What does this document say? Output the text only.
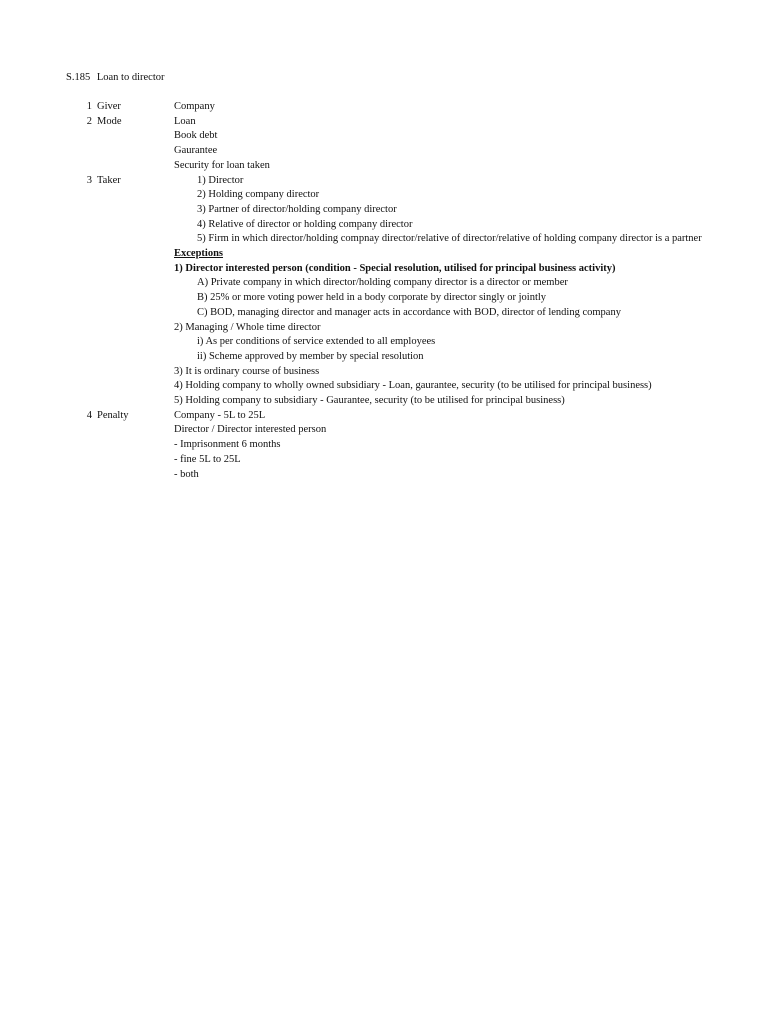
S.185 Loan to director
1 Giver	Company
2 Mode	Loan
Book debt
Gaurantee
Security for loan taken
3 Taker	1) Director
2) Holding company director
3) Partner of director/holding company director
4) Relative of director or holding company director
5) Firm in which director/holding compnay director/relative of director/relative of holding company director is a partner
Exceptions
1) Director interested person (condition - Special resolution, utilised for principal business activity)
A) Private company in which director/holding company director is a director or member
B) 25% or more voting power held in a body corporate by director singly or jointly
C) BOD, managing director and manager acts in accordance with BOD, director of lending company
2) Managing / Whole time director
i) As per conditions of service extended to all employees
ii) Scheme approved by member by special resolution
3) It is ordinary course of business
4) Holding company to wholly owned subsidiary - Loan, gaurantee, security (to be utilised for principal business)
5) Holding company to subsidiary - Gaurantee, security (to be utilised for principal business)
4 Penalty	Company - 5L to 25L
Director / Director interested person
- Imprisonment 6 months
- fine 5L to 25L
- both
